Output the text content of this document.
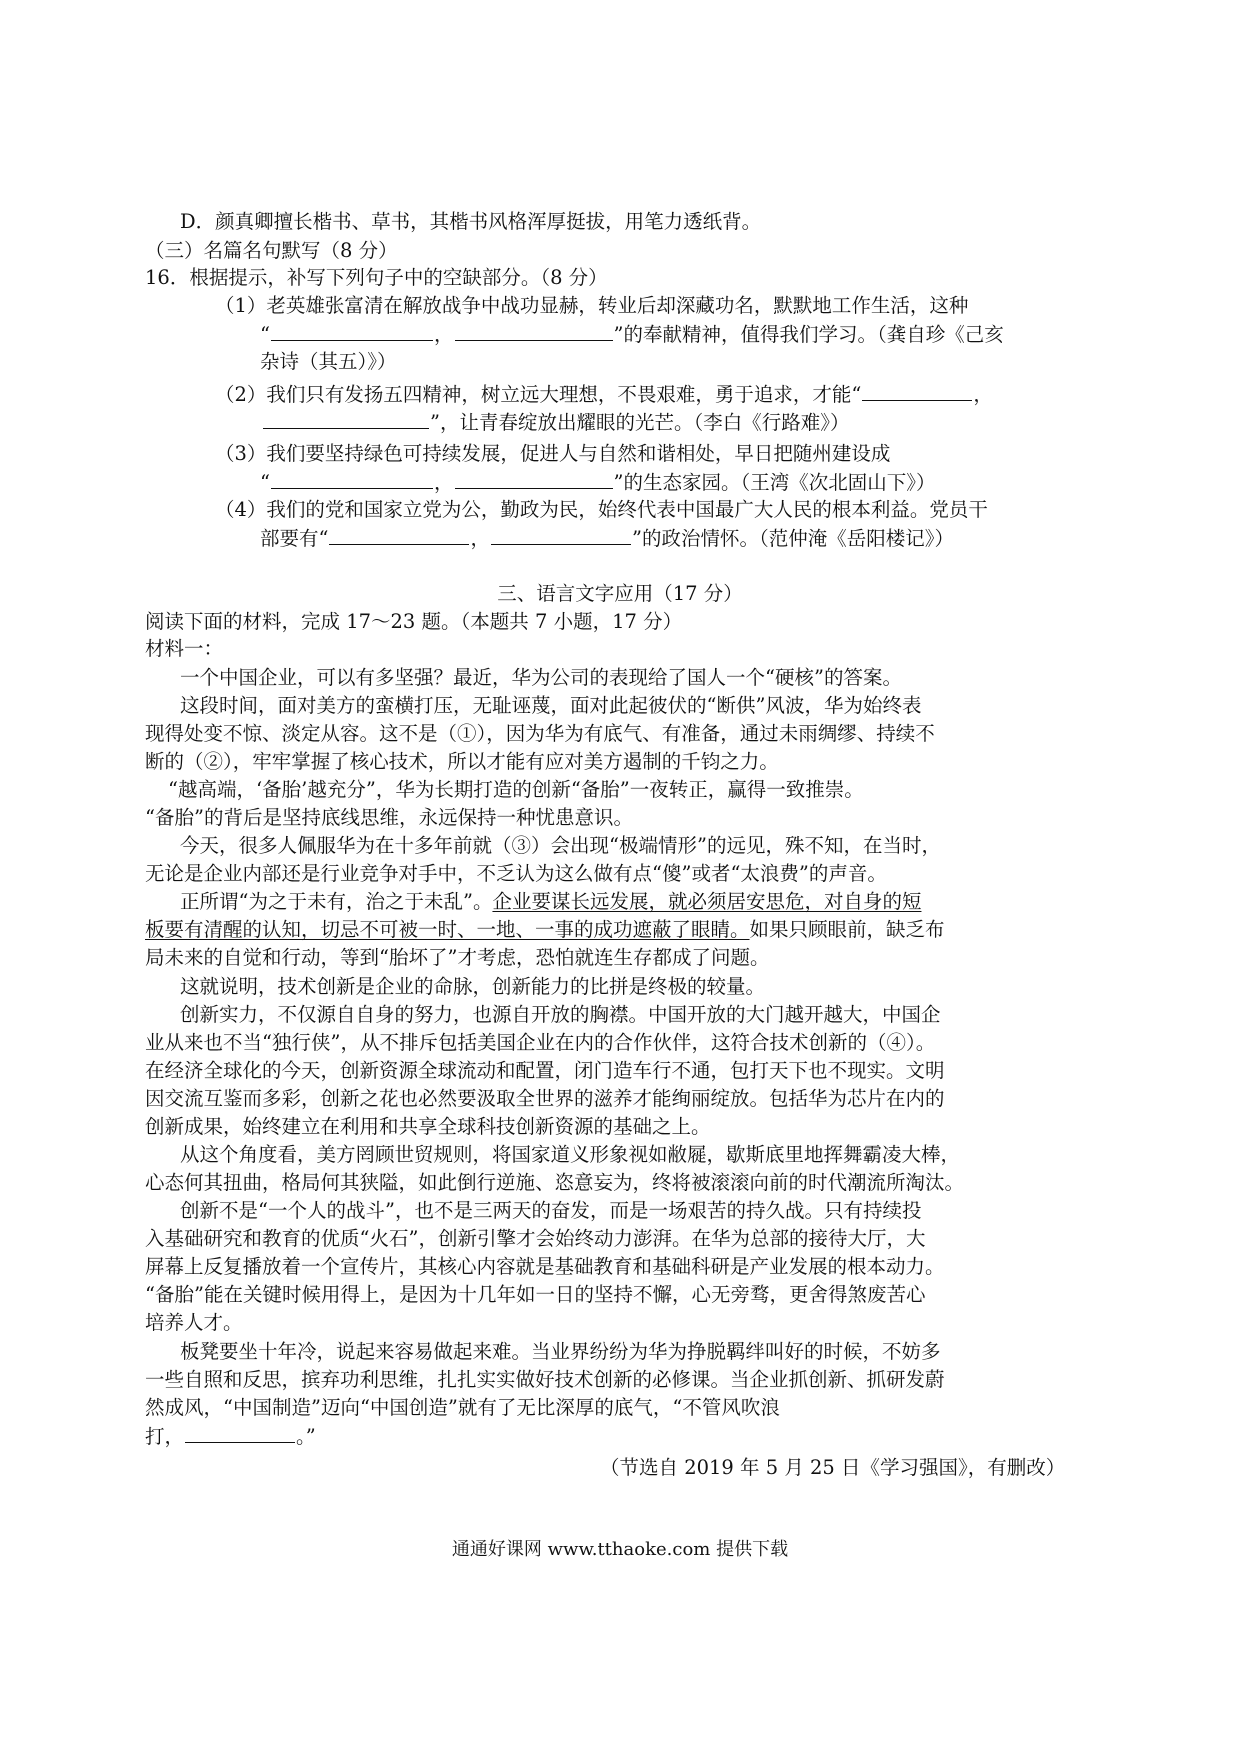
D．颜真卿擅长楷书、草书，其楷书风格浑厚挺拔，用笔力透纸背。
（三）名篇名句默写（8 分）
16．根据提示，补写下列句子中的空缺部分。（8 分）
（1）老英雄张富清在解放战争中战功显赫，转业后却深藏功名，默默地工作生活，这种
“	，	”的奉献精神，值得我们学习。（龚自珍《己亥
杂诗（其五）》）
（2）我们只有发扬五四精神，树立远大理想，不畏艰难，勇于追求，才能“	，
”，让青春绽放出耀眼的光芒。（李白《行路难》）
（3）我们要坚持绿色可持续发展，促进人与自然和谐相处，早日把随州建设成
“	，	”的生态家园。（王湾《次北固山下》）
（4）我们的党和国家立党为公，勤政为民，始终代表中国最广大人民的根本利益。党员干
部要有“	，	”的政治情怀。（范仲淹《岳阳楼记》）
三、语言文字应用（17 分）
阅读下面的材料，完成 17～23 题。（本题共 7 小题，17 分）
材料一：
一个中国企业，可以有多坚强？最近，华为公司的表现给了国人一个“硬核”的答案。
这段时间，面对美方的蛮横打压，无耻诬蔑，面对此起彼伏的“断供”风波，华为始终表
现得处变不惊、淡定从容。这不是（①），因为华为有底气、有准备，通过未雨绸缪、持续不
断的（②），牢牢掌握了核心技术，所以才能有应对美方遏制的千钧之力。
“越高端，‘备胎’越充分”，华为长期打造的创新“备胎”一夜转正，赢得一致推崇。
“备胎”的背后是坚持底线思维，永远保持一种忧患意识。
今天，很多人佩服华为在十多年前就（③）会出现“极端情形”的远见，殊不知，在当时，
无论是企业内部还是行业竞争对手中，不乏认为这么做有点“傻”或者“太浪费”的声音。
正所谓“为之于未有，治之于未乱”。企业要谋长远发展，就必须居安思危，对自身的短
板要有清醒的认知，切忌不可被一时、一地、一事的成功遮蔽了眼睛。如果只顾眼前，缺乏布
局未来的自觉和行动，等到“胎坏了”才考虑，恐怕就连生存都成了问题。
这就说明，技术创新是企业的命脉，创新能力的比拼是终极的较量。
创新实力，不仅源自自身的努力，也源自开放的胸襟。中国开放的大门越开越大，中国企
业从来也不当“独行侠”，从不排斥包括美国企业在内的合作伙伴，这符合技术创新的（④）。
在经济全球化的今天，创新资源全球流动和配置，闭门造车行不通，包打天下也不现实。文明
因交流互鉴而多彩，创新之花也必然要汲取全世界的滋养才能绚丽绽放。包括华为芯片在内的
创新成果，始终建立在利用和共享全球科技创新资源的基础之上。
从这个角度看，美方罔顾世贸规则，将国家道义形象视如敝屣，歇斯底里地挥舞霸凌大棒，
心态何其扭曲，格局何其狭隘，如此倒行逆施、恣意妄为，终将被滚滚向前的时代潮流所淘汰。
创新不是“一个人的战斗”，也不是三两天的奋发，而是一场艰苦的持久战。只有持续投
入基础研究和教育的优质“火石”，创新引擎才会始终动力澎湃。在华为总部的接待大厅，大
屏幕上反复播放着一个宣传片，其核心内容就是基础教育和基础科研是产业发展的根本动力。
“备胎”能在关键时候用得上，是因为十几年如一日的坚持不懈，心无旁骛，更舍得煞废苦心
培养人才。
板凳要坐十年冷，说起来容易做起来难。当业界纷纷为华为挣脱羁绊叫好的时候，不妨多
一些自照和反思，摈弃功利思维，扎扎实实做好技术创新的必修课。当企业抓创新、抓研发蔚
然成风，“中国制造”迈向“中国创造”就有了无比深厚的底气，“不管风吹浪
打，	。”
（节选自 2019 年 5 月 25 日《学习强国》，有删改）
通通好课网 www.tthaoke.com 提供下载
